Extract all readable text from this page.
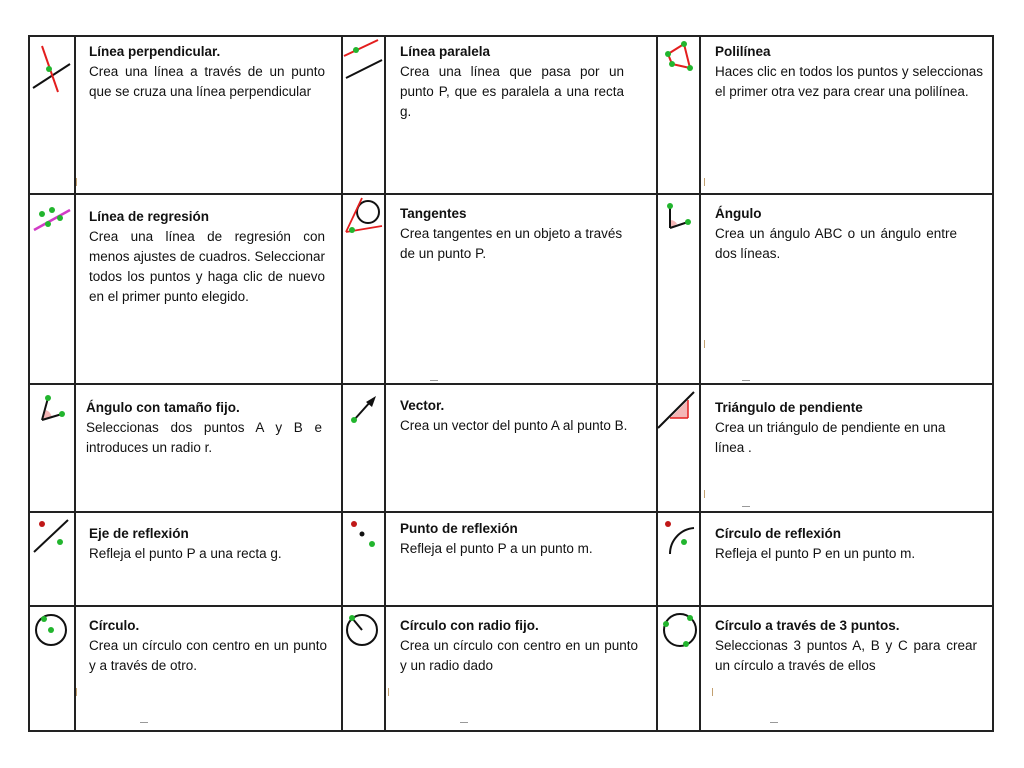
Línea perpendicular.
Crea una línea a través de un punto que se cruza una línea perpendicular
Línea paralela
Crea una línea que pasa por un punto P, que es paralela a una recta g.
Polilínea
Haces clic en todos los puntos y seleccionas el primer otra vez para crear una polilínea.
Línea de regresión
Crea una línea de regresión con menos ajustes de cuadros. Seleccionar todos los puntos y haga clic de nuevo en el primer punto elegido.
Tangentes
Crea tangentes en un objeto a través de un punto P.
Ángulo
Crea un ángulo ABC o un ángulo entre dos líneas.
Ángulo con tamaño fijo.
Seleccionas dos puntos A y B e introduces un radio r.
Vector.
Crea un vector del punto A al punto B.
Triángulo de pendiente
Crea un triángulo de pendiente en una línea .
Eje de reflexión
Refleja el punto P a una recta g.
Punto de reflexión
Refleja el punto P a un punto m.
Círculo de reflexión
Refleja el punto P en un punto m.
Círculo.
Crea un círculo con centro en un punto y a través de otro.
Círculo con radio fijo.
Crea un círculo con centro en un punto y un radio dado
Círculo a través de 3 puntos.
Seleccionas 3 puntos A, B y C para crear un círculo a través de ellos
